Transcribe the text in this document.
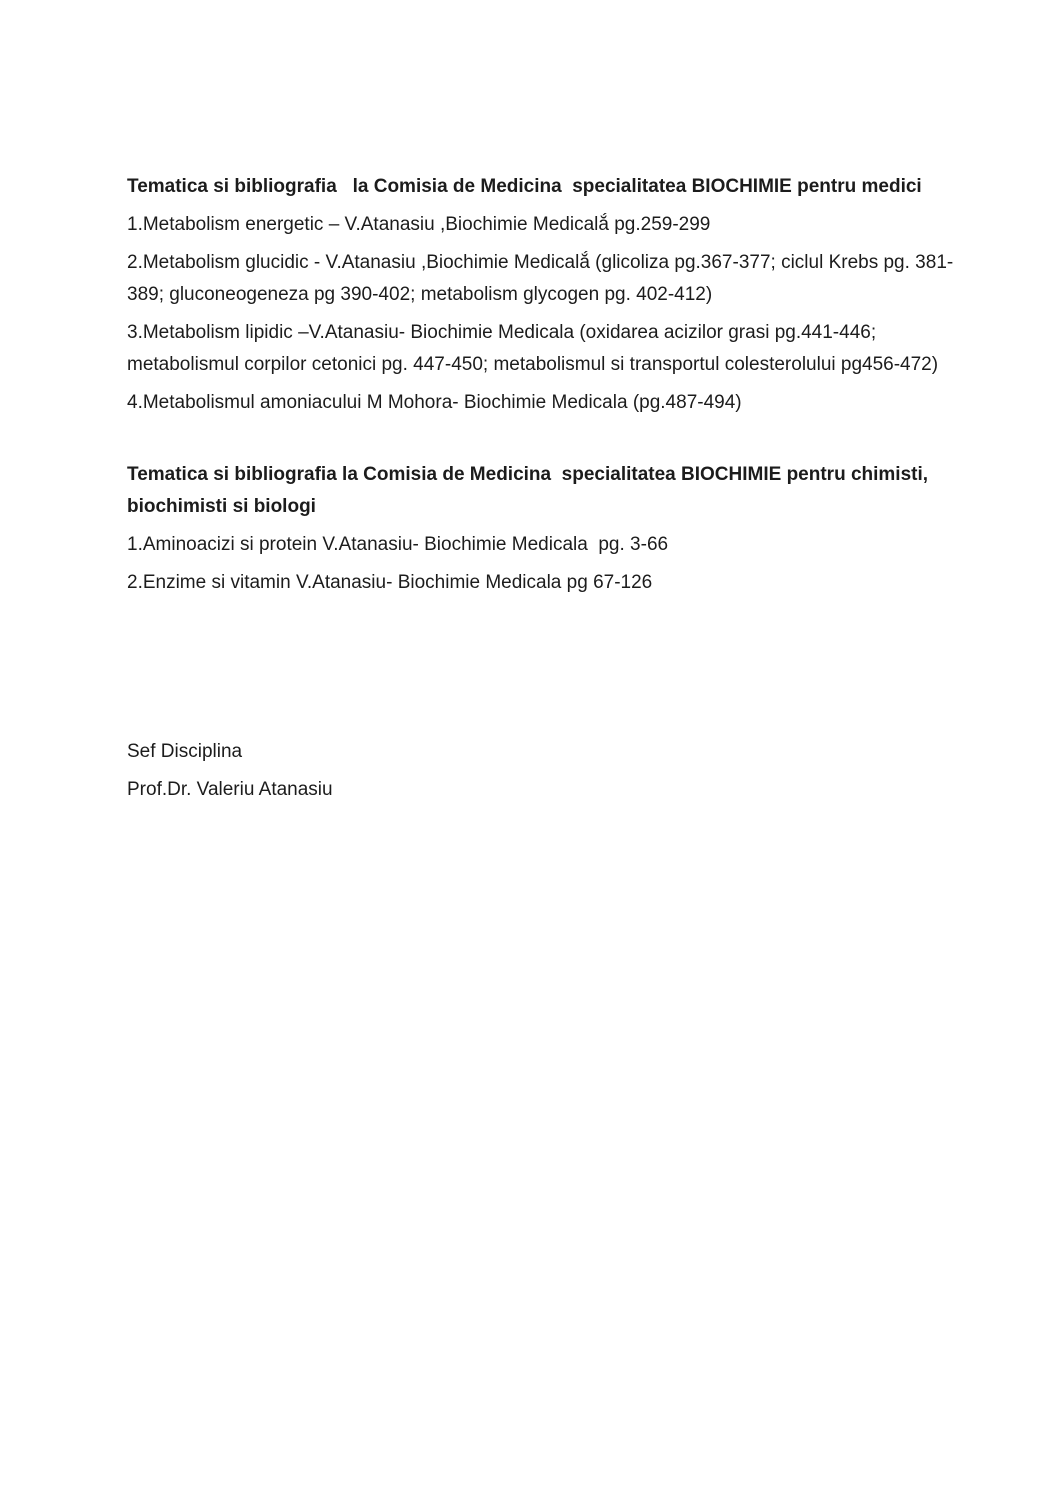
Tematica si bibliografia   la Comisia de Medicina  specialitatea BIOCHIMIE pentru medici
1.Metabolism energetic – V.Atanasiu ,Biochimie Medicalắ pg.259-299
2.Metabolism glucidic - V.Atanasiu ,Biochimie Medicalắ (glicoliza pg.367-377; ciclul Krebs pg. 381-
389; gluconeogeneza pg 390-402; metabolism glycogen pg. 402-412)
3.Metabolism lipidic –V.Atanasiu- Biochimie Medicala (oxidarea acizilor grasi pg.441-446;
metabolismul corpilor cetonici pg. 447-450; metabolismul si transportul colesterolului pg456-472)
4.Metabolismul amoniacului M Mohora- Biochimie Medicala (pg.487-494)
Tematica si bibliografia la Comisia de Medicina  specialitatea BIOCHIMIE pentru chimisti,
biochimisti si biologi
1.Aminoacizi si protein V.Atanasiu- Biochimie Medicala  pg. 3-66
2.Enzime si vitamin V.Atanasiu- Biochimie Medicala pg 67-126
Sef Disciplina
Prof.Dr. Valeriu Atanasiu
